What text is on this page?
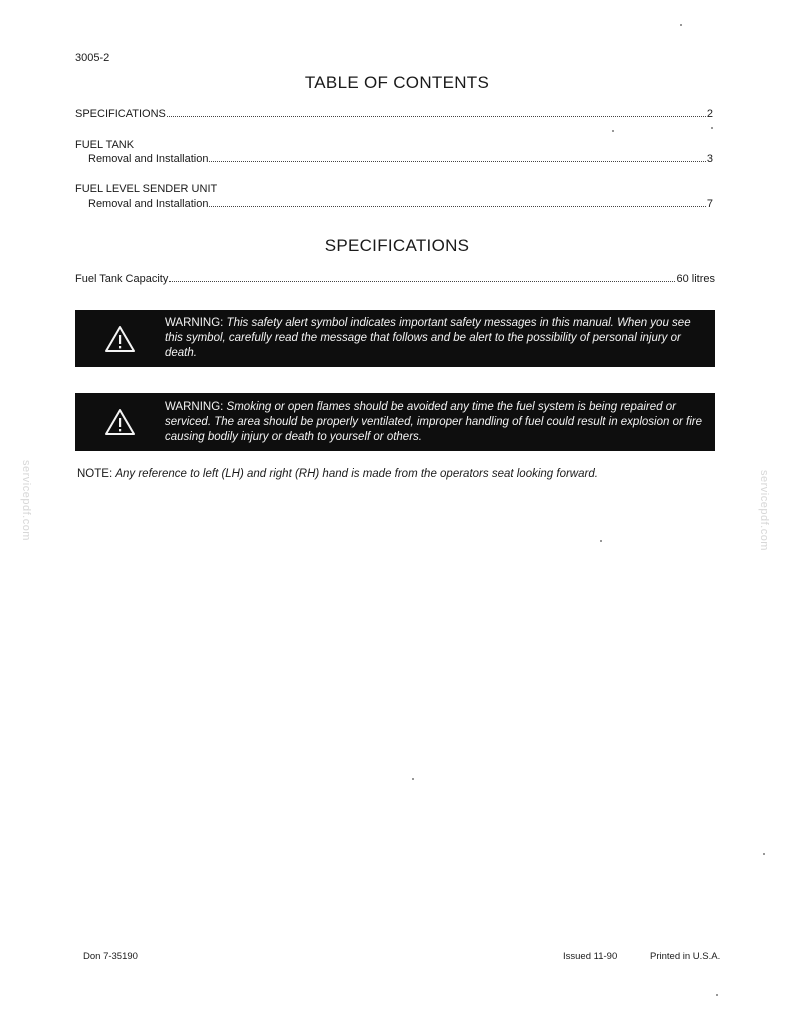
3005-2
TABLE OF CONTENTS
SPECIFICATIONS	2
FUEL TANK
Removal and Installation	3
FUEL LEVEL SENDER UNIT
Removal and Installation	7
SPECIFICATIONS
Fuel Tank Capacity	60 litres
WARNING: This safety alert symbol indicates important safety messages in this manual. When you see this symbol, carefully read the message that follows and be alert to the possibility of personal injury or death.
WARNING: Smoking or open flames should be avoided any time the fuel system is being repaired or serviced. The area should be properly ventilated, improper handling of fuel could result in explosion or fire causing bodily injury or death to yourself or others.
NOTE: Any reference to left (LH) and right (RH) hand is made from the operators seat looking forward.
servicepdf.com	servicepdf.com
Don 7-35190	Issued 11-90	Printed in U.S.A.
